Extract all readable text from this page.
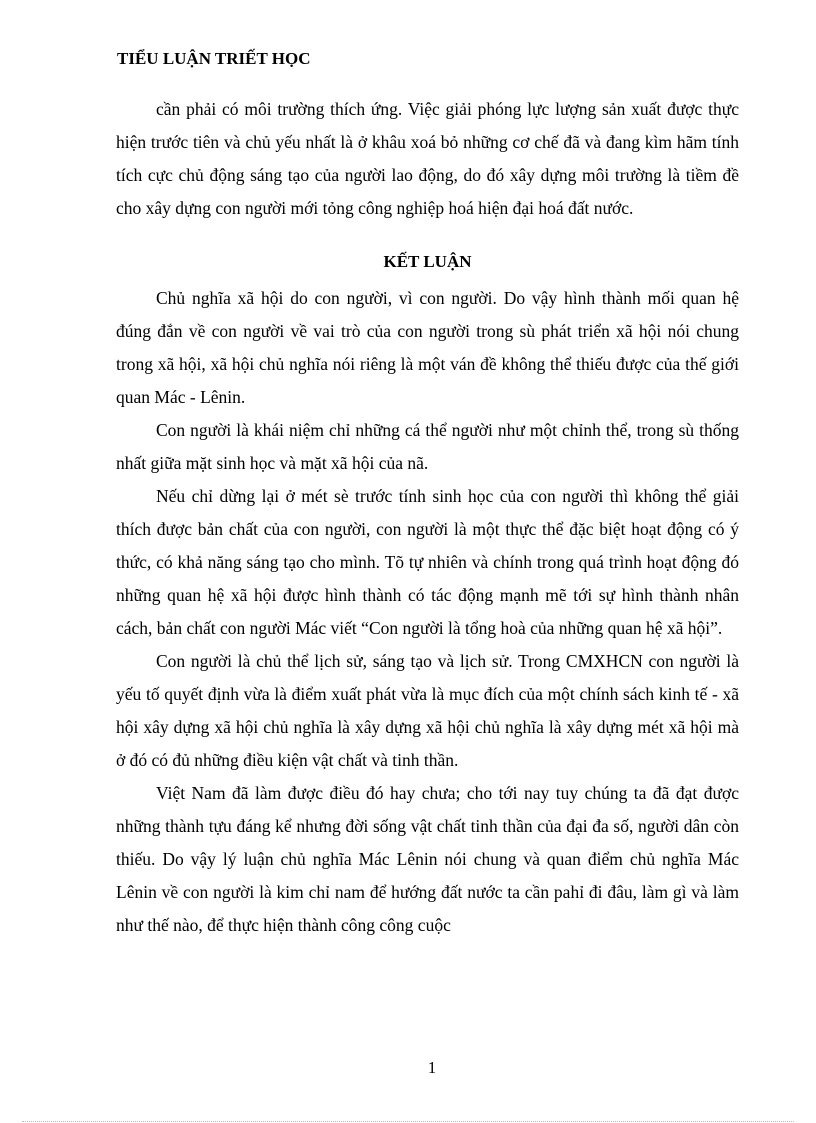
TIỂU LUẬN TRIẾT HỌC

cần phải có môi trường thích ứng. Việc giải phóng lực lượng sản xuất được thực hiện trước tiên và chủ yếu nhất là ở khâu xoá bỏ những cơ chế đã và đang kìm hãm tính tích cực chủ động sáng tạo của người lao động, do đó xây dựng môi trường là tiềm đề cho xây dựng con người mới tỏng công nghiệp hoá hiện đại hoá đất nước.

KẾT LUẬN

Chủ nghĩa xã hội do con người, vì con người. Do vậy hình thành mối quan hệ đúng đắn về con người về vai trò của con người trong sù phát triển xã hội nói chung trong xã hội, xã hội chủ nghĩa nói riêng là một ván đề không thể thiếu được của thế giới quan Mác - Lênin.

Con người là khái niệm chỉ những cá thể người như một chỉnh thể, trong sù thống nhất giữa mặt sinh học và mặt xã hội của nã.

Nếu chỉ dừng lại ở mét sè trước tính sinh học của con người thì không thể giải thích được bản chất của con người, con người là một thực thể đặc biệt hoạt động có ý thức, có khả năng sáng tạo cho mình. Tõ tự nhiên và chính trong quá trình hoạt động đó những quan hệ xã hội được hình thành có tác động mạnh mẽ tới sự hình thành nhân cách, bản chất con người Mác viết “Con người là tổng hoà của những quan hệ xã hội”.

Con người là chủ thể lịch sử, sáng tạo và lịch sử. Trong CMXHCN con người là yếu tố quyết định vừa là điểm xuất phát vừa là mục đích của một chính sách kinh tế - xã hội xây dựng xã hội chủ nghĩa là xây dựng xã hội chủ nghĩa là xây dựng mét xã hội mà ở đó có đủ những điều kiện vật chất và tinh thần.

Việt Nam đã làm được điều đó hay chưa; cho tới nay tuy chúng ta đã đạt được những thành tựu đáng kể nhưng đời sống vật chất tinh thần của đại đa số, người dân còn thiếu. Do vậy lý luận chủ nghĩa Mác Lênin nói chung và quan điểm chủ nghĩa Mác Lênin về con người là kim chỉ nam để hướng đất nước ta cần pahỉ đi đâu, làm gì và làm như thế nào, để thực hiện thành công công cuộc

1
